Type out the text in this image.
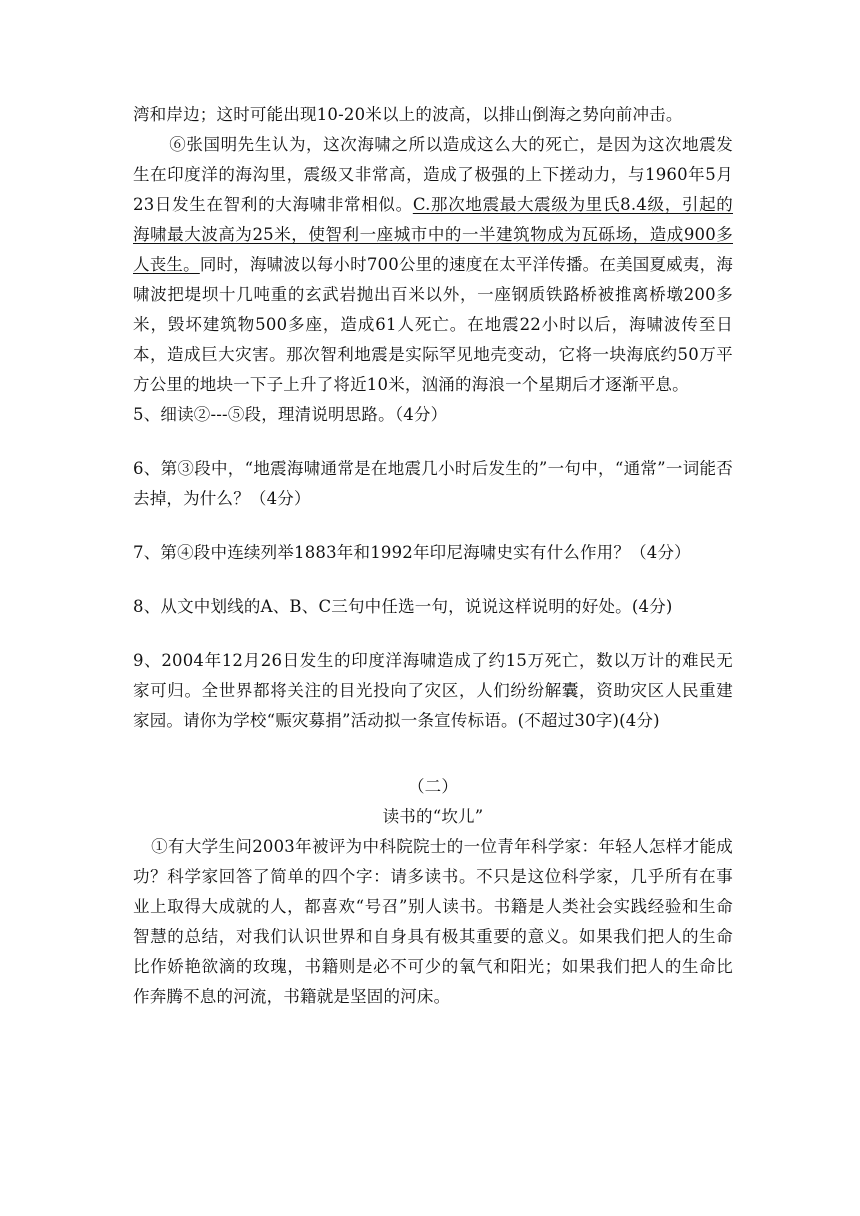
湾和岸边；这时可能出现10-20米以上的波高，以排山倒海之势向前冲击。

⑥张国明先生认为，这次海啸之所以造成这么大的死亡，是因为这次地震发生在印度洋的海沟里，震级又非常高，造成了极强的上下搓动力，与1960年5月23日发生在智利的大海啸非常相似。C.那次地震最大震级为里氏8.4级，引起的海啸最大波高为25米，使智利一座城市中的一半建筑物成为瓦砾场，造成900多人丧生。同时，海啸波以每小时700公里的速度在太平洋传播。在美国夏威夷，海啸波把堤坝十几吨重的玄武岩抛出百米以外，一座钢质铁路桥被推离桥墩200多米，毁坏建筑物500多座，造成61人死亡。在地震22小时以后，海啸波传至日本，造成巨大灾害。那次智利地震是实际罕见地壳变动，它将一块海底约50万平方公里的地块一下子上升了将近10米，汹涌的海浪一个星期后才逐渐平息。

5、细读②---⑤段，理清说明思路。（4分）

6、第③段中，“地震海啸通常是在地震几小时后发生的”一句中，“通常”一词能否去掉，为什么？（4分）

7、第④段中连续列举1883年和1992年印尼海啸史实有什么作用？（4分）

8、从文中划线的A、B、C三句中任选一句，说说这样说明的好处。(4分)

9、2004年12月26日发生的印度洋海啸造成了约15万死亡，数以万计的难民无家可归。全世界都将关注的目光投向了灾区，人们纷纷解囊，资助灾区人民重建家园。请你为学校“赈灾募捐”活动拟一条宣传标语。(不超过30字)(4分)

（二）
读书的“坎儿”

①有大学生问2003年被评为中科院院士的一位青年科学家：年轻人怎样才能成功？科学家回答了简单的四个字：请多读书。不只是这位科学家，几乎所有在事业上取得大成就的人，都喜欢“号召”别人读书。书籍是人类社会实践经验和生命智慧的总结，对我们认识世界和自身具有极其重要的意义。如果我们把人的生命比作娇艳欲滴的玫瑰，书籍则是必不可少的氧气和阳光；如果我们把人的生命比作奔腾不息的河流，书籍就是坚固的河床。
